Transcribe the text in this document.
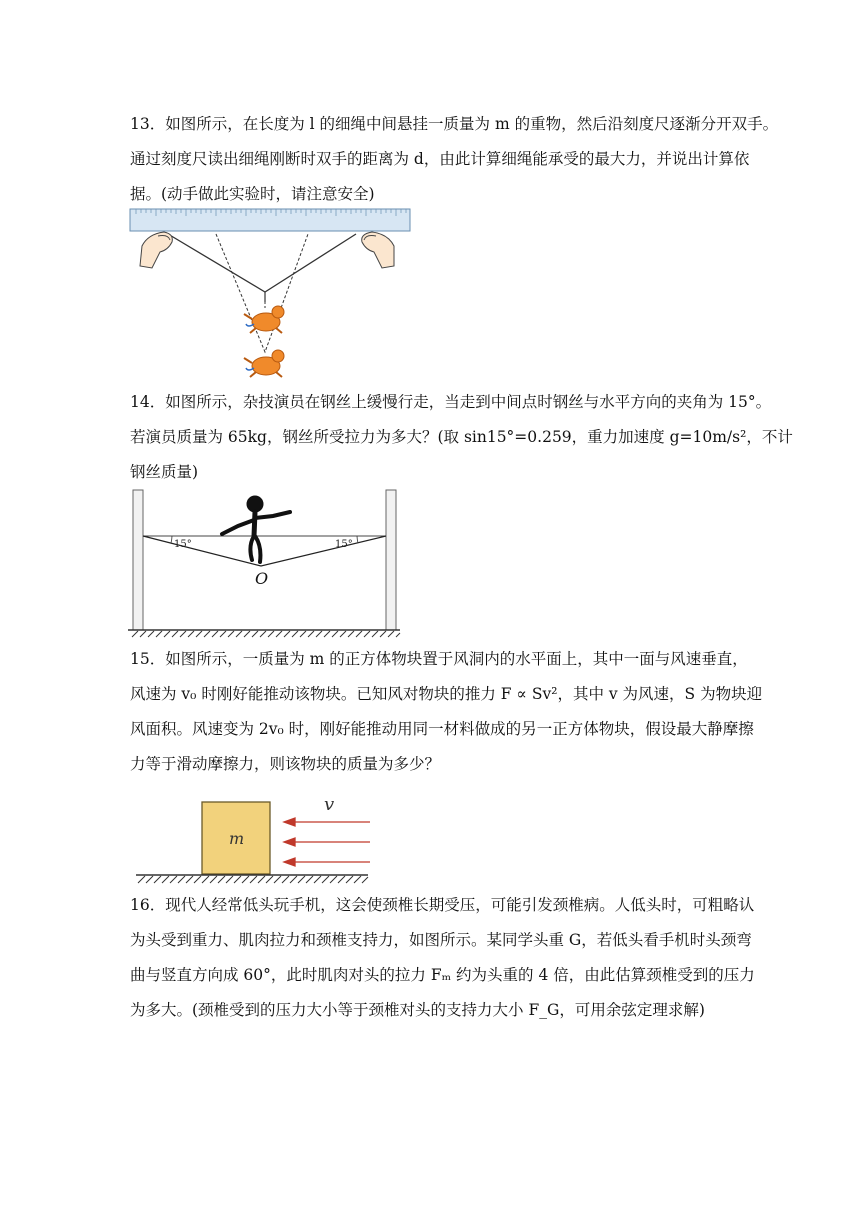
13．如图所示，在长度为 l 的细绳中间悬挂一质量为 m 的重物，然后沿刻度尺逐渐分开双手。
通过刻度尺读出细绳刚断时双手的距离为 d，由此计算细绳能承受的最大力，并说出计算依
据。(动手做此实验时，请注意安全)
14．如图所示，杂技演员在钢丝上缓慢行走，当走到中间点时钢丝与水平方向的夹角为 15°。
若演员质量为 65kg，钢丝所受拉力为多大？(取 sin15°=0.259，重力加速度 g=10m/s²，不计
钢丝质量)
15°	15°
O
15．如图所示，一质量为 m 的正方体物块置于风洞内的水平面上，其中一面与风速垂直，
风速为 v₀ 时刚好能推动该物块。已知风对物块的推力 F ∝ Sv²，其中 v 为风速，S 为物块迎
风面积。风速变为 2v₀ 时，刚好能推动用同一材料做成的另一正方体物块，假设最大静摩擦
力等于滑动摩擦力，则该物块的质量为多少？
m
v
16．现代人经常低头玩手机，这会使颈椎长期受压，可能引发颈椎病。人低头时，可粗略认
为头受到重力、肌肉拉力和颈椎支持力，如图所示。某同学头重 G，若低头看手机时头颈弯
曲与竖直方向成 60°，此时肌肉对头的拉力 Fₘ 约为头重的 4 倍，由此估算颈椎受到的压力
为多大。(颈椎受到的压力大小等于颈椎对头的支持力大小 F_G，可用余弦定理求解)
